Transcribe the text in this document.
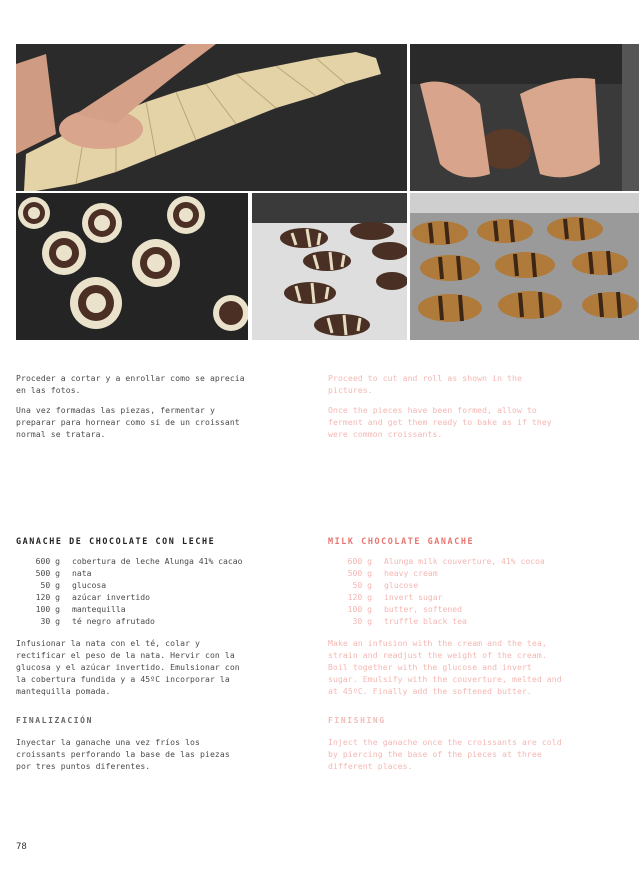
Proceder a cortar y a enrollar como se aprecia en las fotos.

Una vez formadas las piezas, fermentar y preparar para hornear como si de un croissant normal se tratara.

Proceed to cut and roll as shown in the pictures.

Once the pieces have been formed, allow to ferment and get them ready to bake as if they were common croissants.

GANACHE DE CHOCOLATE CON LECHE
600 g	cobertura de leche Alunga 41% cacao
500 g	nata
50 g	glucosa
120 g	azúcar invertido
100 g	mantequilla
30 g	té negro afrutado

Infusionar la nata con el té, colar y rectificar el peso de la nata. Hervir con la glucosa y el azúcar invertido. Emulsionar con la cobertura fundida y a 45ºC incorporar la mantequilla pomada.

MILK CHOCOLATE GANACHE
600 g	Alunga milk couverture, 41% cocoa
500 g	heavy cream
50 g	glucose
120 g	invert sugar
100 g	butter, softened
30 g	truffle black tea

Make an infusion with the cream and the tea, strain and readjust the weight of the cream. Boil together with the glucose and invert sugar. Emulsify with the couverture, melted and at 45ºC. Finally add the softened butter.

FINALIZACIÓN

Inyectar la ganache una vez fríos los croissants perforando la base de las piezas por tres puntos diferentes.

FINISHING

Inject the ganache once the croissants are cold by piercing the base of the pieces at three different places.

78
